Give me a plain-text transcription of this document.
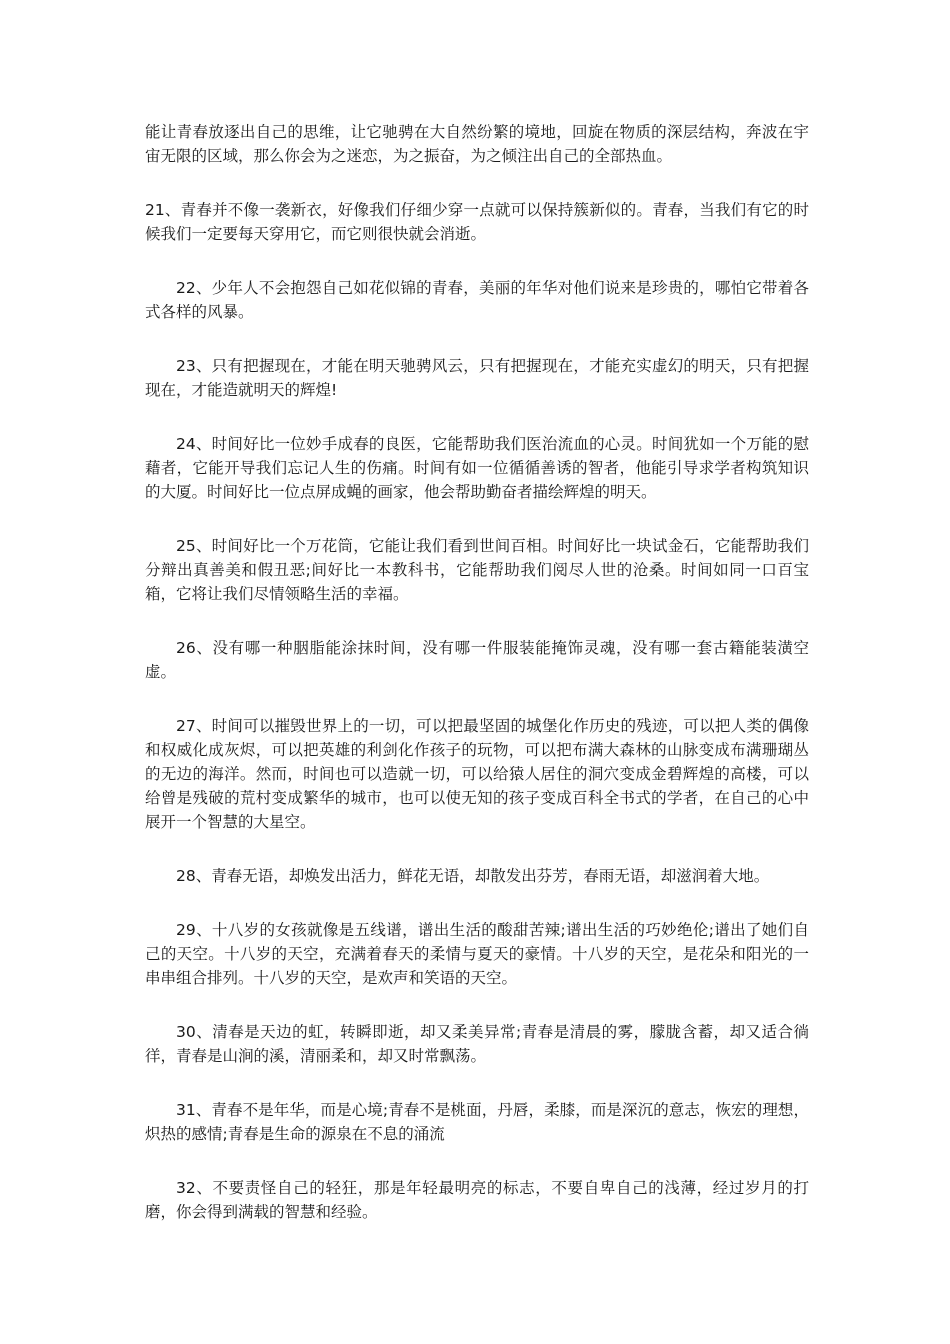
能让青春放逐出自己的思维，让它驰骋在大自然纷繁的境地，回旋在物质的深层结构，奔波在宇宙无限的区域，那么你会为之迷恋，为之振奋，为之倾注出自己的全部热血。

21、青春并不像一袭新衣，好像我们仔细少穿一点就可以保持簇新似的。青春，当我们有它的时候我们一定要每天穿用它，而它则很快就会消逝。

22、少年人不会抱怨自己如花似锦的青春，美丽的年华对他们说来是珍贵的，哪怕它带着各式各样的风暴。

23、只有把握现在，才能在明天驰骋风云，只有把握现在，才能充实虚幻的明天，只有把握现在，才能造就明天的辉煌!

24、时间好比一位妙手成春的良医，它能帮助我们医治流血的心灵。时间犹如一个万能的慰藉者，它能开导我们忘记人生的伤痛。时间有如一位循循善诱的智者，他能引导求学者构筑知识的大厦。时间好比一位点屏成蝇的画家，他会帮助勤奋者描绘辉煌的明天。

25、时间好比一个万花筒，它能让我们看到世间百相。时间好比一块试金石，它能帮助我们分辩出真善美和假丑恶;间好比一本教科书，它能帮助我们阅尽人世的沧桑。时间如同一口百宝箱，它将让我们尽情领略生活的幸福。

26、没有哪一种胭脂能涂抹时间，没有哪一件服装能掩饰灵魂，没有哪一套古籍能装潢空虚。

27、时间可以摧毁世界上的一切，可以把最坚固的城堡化作历史的残迹，可以把人类的偶像和权威化成灰烬，可以把英雄的利剑化作孩子的玩物，可以把布满大森林的山脉变成布满珊瑚丛的无边的海洋。然而，时间也可以造就一切，可以给猿人居住的洞穴变成金碧辉煌的高楼，可以给曾是残破的荒村变成繁华的城市，也可以使无知的孩子变成百科全书式的学者，在自己的心中展开一个智慧的大星空。

28、青春无语，却焕发出活力，鲜花无语，却散发出芬芳，春雨无语，却滋润着大地。

29、十八岁的女孩就像是五线谱，谱出生活的酸甜苦辣;谱出生活的巧妙绝伦;谱出了她们自己的天空。十八岁的天空，充满着春天的柔情与夏天的豪情。十八岁的天空，是花朵和阳光的一串串组合排列。十八岁的天空，是欢声和笑语的天空。

30、清春是天边的虹，转瞬即逝，却又柔美异常;青春是清晨的雾，朦胧含蓄，却又适合徜徉，青春是山涧的溪，清丽柔和，却又时常飘荡。

31、青春不是年华，而是心境;青春不是桃面，丹唇，柔膝，而是深沉的意志，恢宏的理想，炽热的感情;青春是生命的源泉在不息的涌流

32、不要责怪自己的轻狂，那是年轻最明亮的标志，不要自卑自己的浅薄，经过岁月的打磨，你会得到满载的智慧和经验。
